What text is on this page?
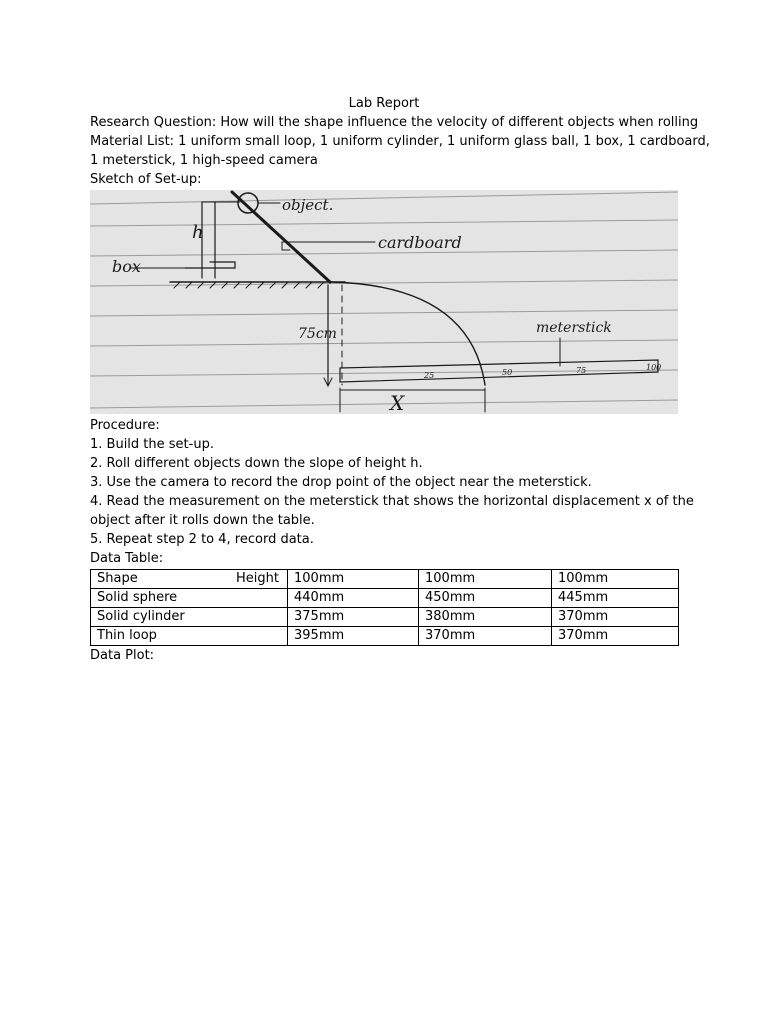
Lab Report
Research Question: How will the shape influence the velocity of different objects when rolling
Material List: 1 uniform small loop, 1 uniform cylinder, 1 uniform glass ball, 1 box, 1 cardboard,
1 meterstick, 1 high-speed camera
Sketch of Set-up:
object.
cardboard
box
h
75cm	meterstick
X
25	50	75	100
Procedure:
1. Build the set-up.
2. Roll different objects down the slope of height h.
3. Use the camera to record the drop point of the object near the meterstick.
4. Read the measurement on the meterstick that shows the horizontal displacement x of the
object after it rolls down the table.
5. Repeat step 2 to 4, record data.
Data Table:
Shape Height	100mm	100mm	100mm
Solid sphere	440mm	450mm	445mm
Solid cylinder	375mm	380mm	370mm
Thin loop	395mm	370mm	370mm
Data Plot:
